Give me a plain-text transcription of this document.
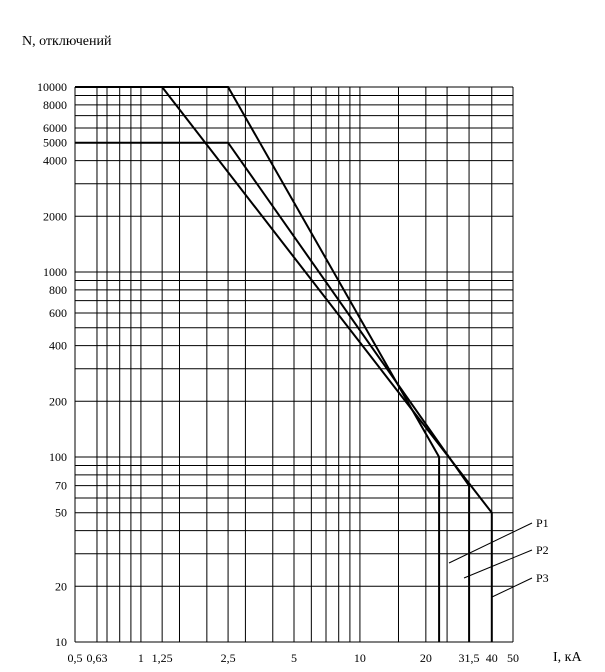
Р1
Р2
Р3
10000
8000
6000
5000
4000
2000
1000
800
600
400
200
100
70
50
20
10
0,5 0,63	1 1,25	2,5	5	10	20 31,5 40 50
N, отключений
I, кА
